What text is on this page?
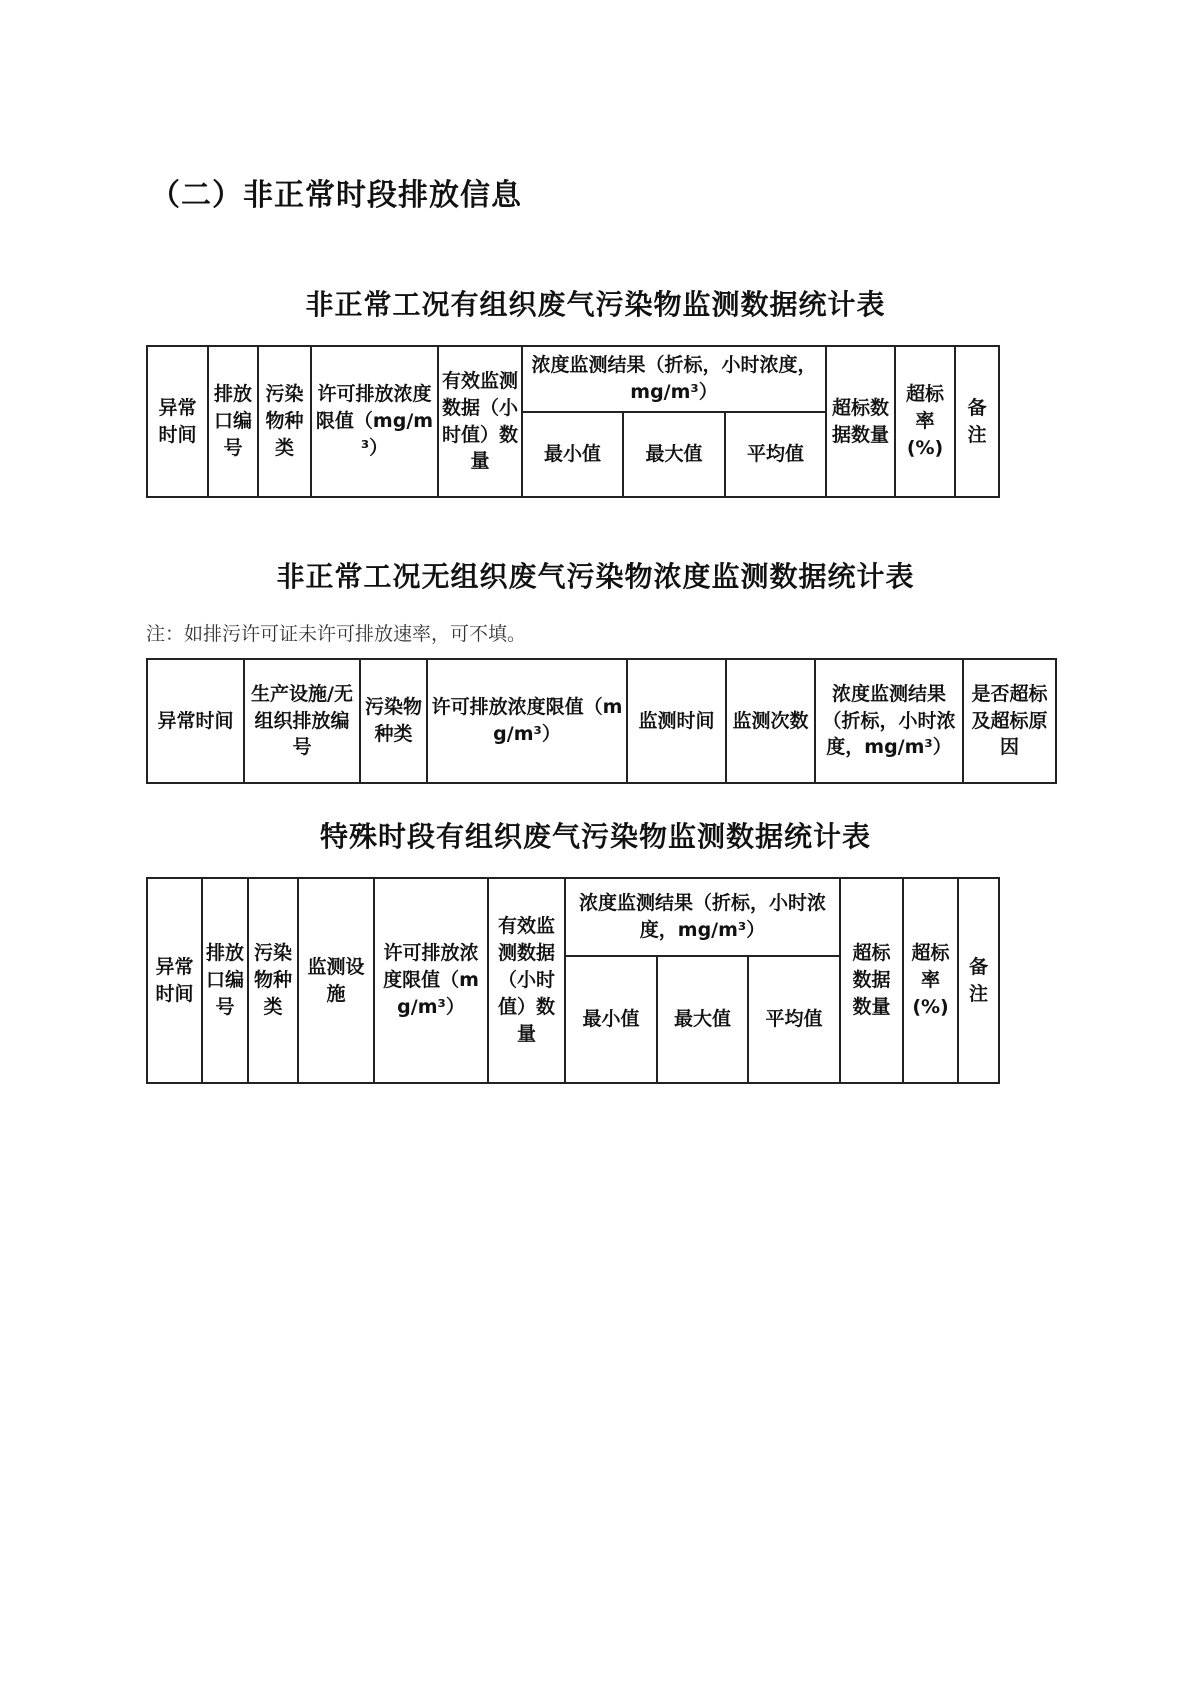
（二）非正常时段排放信息
非正常工况有组织废气污染物监测数据统计表
异常时间	排放口编号	污染物种类	许可排放浓度限值（mg/m³）	有效监测数据（小时值）数量	浓度监测结果（折标，小时浓度，mg/m³）			超标数据数量	超标率(%)	备注
					最小值	最大值	平均值			
非正常工况无组织废气污染物浓度监测数据统计表

注：如排污许可证未许可排放速率，可不填。

异常时间	生产设施/无组织排放编号	污染物种类	许可排放浓度限值（mg/m³）	监测时间	监测次数	浓度监测结果（折标，小时浓度，mg/m³）	是否超标及超标原因
特殊时段有组织废气污染物监测数据统计表
异常时间	排放口编号	污染物种类	监测设施	许可排放浓度限值（mg/m³）	有效监测数据（小时值）数量	浓度监测结果（折标，小时浓度，mg/m³）			超标数据数量	超标率(%)	备注
						最小值	最大值	平均值			
